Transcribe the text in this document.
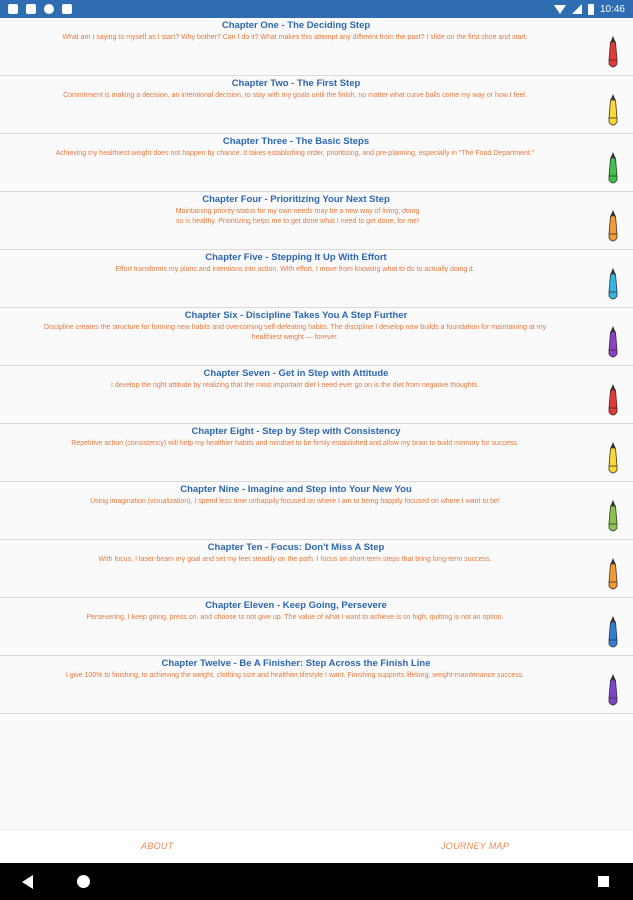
10:46
Chapter One - The Deciding Step
What am I saying to myself as I start? Why bother? Can I do it? What makes this attempt any different from the past? I slide on the first shoe and start.
Chapter Two - The First Step
Commitment is making a decision, an intentional decision, to stay with my goals until the finish, no matter what curve balls come my way or how I feel.
Chapter Three - The Basic Steps
Achieving my healthiest weight does not happen by chance. It takes establishing order, prioritizing, and pre-planning, especially in "The Food Department."
Chapter Four - Prioritizing Your Next Step
Maintaining priority-status for my own needs may be a new way of living; doing so is healthy. Prioritizing helps me to get done what I need to get done, for me!
Chapter Five - Stepping It Up With Effort
Effort transforms my plans and intentions into action. With effort, I move from knowing what to do to actually doing it.
Chapter Six - Discipline Takes You A Step Further
Discipline creates the structure for forming new habits and overcoming self-defeating habits. The discipline I develop now builds a foundation for maintaining at my healthiest weight — forever.
Chapter Seven - Get in Step with Attitude
I develop the right attitude by realizing that the most important diet I need ever go on is the diet from negative thoughts.
Chapter Eight - Step by Step with Consistency
Repetitive action (consistency) will help my healthier habits and mindset to be firmly established and allow my brain to build memory for success.
Chapter Nine - Imagine and Step into Your New You
Using imagination (visualization), I spend less time unhappily focused on where I am to being happily focused on where I want to be!
Chapter Ten - Focus: Don't Miss A Step
With focus, I laser-beam my goal and set my feet steadily on the path. I focus on short-term steps that bring long-term success.
Chapter Eleven - Keep Going, Persevere
Persevering, I keep going, press on, and choose to not give up. The value of what I want to achieve is so high, quitting is not an option.
Chapter Twelve - Be A Finisher: Step Across the Finish Line
I give 100% to finishing, to achieving the weight, clothing size and healthier lifestyle I want. Finishing supports lifelong, weight-maintenance success.
ABOUT	JOURNEY MAP
